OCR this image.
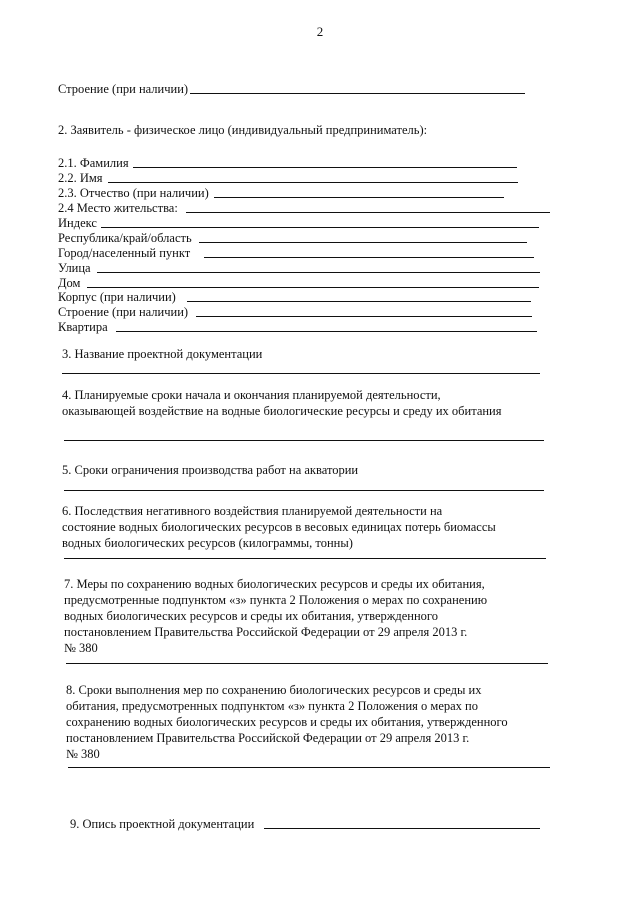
2
Строение (при наличии)
2. Заявитель - физическое лицо (индивидуальный предприниматель):
2.1. Фамилия
2.2. Имя
2.3. Отчество (при наличии)
2.4 Место жительства:
Индекс
Республика/край/область
Город/населенный пункт
Улица
Дом
Корпус (при наличии)
Строение (при наличии)
Квартира
3. Название проектной документации
4. Планируемые сроки начала и окончания планируемой деятельности,
оказывающей воздействие на водные биологические ресурсы и среду их обитания
5. Сроки ограничения производства работ на акватории
6. Последствия негативного воздействия планируемой деятельности на
состояние водных биологических ресурсов в весовых единицах потерь биомассы
водных биологических ресурсов (килограммы, тонны)
7. Меры по сохранению водных биологических ресурсов и среды их обитания,
предусмотренные подпунктом «з» пункта 2 Положения о мерах по сохранению
водных биологических ресурсов и среды их обитания, утвержденного
постановлением Правительства Российской Федерации от 29 апреля 2013 г.
№ 380
8. Сроки выполнения мер по сохранению биологических ресурсов и среды их
обитания, предусмотренных подпунктом «з» пункта 2 Положения о мерах по
сохранению водных биологических ресурсов и среды их обитания, утвержденного
постановлением Правительства Российской Федерации от 29 апреля 2013 г.
№ 380
9. Опись проектной документации
